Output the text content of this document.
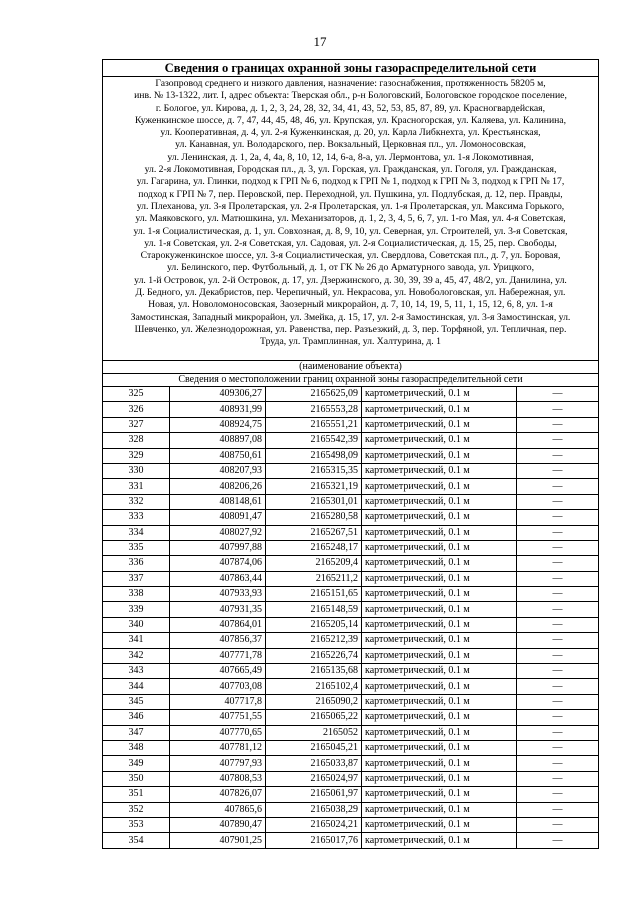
17
Сведения о границах охранной зоны газораспределительной сети
Газопровод среднего и низкого давления, назначение: газоснабжения, протяженность 58205 м,
инв. № 13-1322, лит. I, адрес объекта: Тверская обл., р-н Бологовский, Бологовское городское поселение,
г. Бологое, ул. Кирова, д. 1, 2, 3, 24, 28, 32, 34, 41, 43, 52, 53, 85, 87, 89, ул. Красногвардейская,
Куженкинское шоссе, д. 7, 47, 44, 45, 48, 46, ул. Крупская, ул. Красногорская, ул. Каляева, ул. Калинина,
ул. Кооперативная, д. 4, ул. 2-я Куженкинская, д. 20, ул. Карла Либкнехта, ул. Крестьянская,
ул. Канавная, ул. Володарского, пер. Вокзальный, Церковная пл., ул. Ломоносовская,
ул. Ленинская, д. 1, 2а, 4, 4а, 8, 10, 12, 14, 6-а, 8-а, ул. Лермонтова, ул. 1-я Локомотивная,
ул. 2-я Локомотивная, Городская пл., д. 3, ул. Горская, ул. Гражданская, ул. Гоголя, ул. Гражданская,
ул. Гагарина, ул. Глинки, подход к ГРП № 6, подход к ГРП № 1, подход к ГРП № 3, подход к ГРП № 17,
подход к ГРП № 7, пер. Перовской, пер. Переходной, ул. Пушкина, ул. Подлубская, д. 12, пер. Правды,
ул. Плеханова, ул. 3-я Пролетарская, ул. 2-я Пролетарская, ул. 1-я Пролетарская, ул. Максима Горького,
ул. Маяковского, ул. Матюшкина, ул. Механизаторов, д. 1, 2, 3, 4, 5, 6, 7, ул. 1-го Мая, ул. 4-я Советская,
ул. 1-я Социалистическая, д. 1, ул. Совхозная, д. 8, 9, 10, ул. Северная, ул. Строителей, ул. 3-я Советская,
ул. 1-я Советская, ул. 2-я Советская, ул. Садовая, ул. 2-я Социалистическая, д. 15, 25, пер. Свободы,
Старокуженкинское шоссе, ул. 3-я Социалистическая, ул. Свердлова, Советская пл., д. 7, ул. Боровая,
ул. Белинского, пер. Футбольный, д. 1, от ГК № 26 до Арматурного завода, ул. Урицкого,
ул. 1-й Островок, ул. 2-й Островок, д. 17, ул. Дзержинского, д. 30, 39, 39 а, 45, 47, 48/2, ул. Данилина, ул.
Д. Бедного, ул. Декабристов, пер. Черепичный, ул. Некрасова, ул. Новобологовская, ул. Набережная, ул.
Новая, ул. Новоломоносовская, Заозерный микрорайон, д. 7, 10, 14, 19, 5, 11, 1, 15, 12, 6, 8, ул. 1-я
Замостинская, Западный микрорайон, ул. Змейка, д. 15, 17, ул. 2-я Замостинская, ул. 3-я Замостинская, ул.
Шевченко, ул. Железнодорожная, ул. Равенства, пер. Разъезжий, д. 3, пер. Торфяной, ул. Тепличная, пер.
Труда, ул. Трамплинная, ул. Халтурина, д. 1
(наименование объекта)
Сведения о местоположении границ охранной зоны газораспределительной сети
325	409306,27	2165625,09	картометрический, 0.1 м	—
326	408931,99	2165553,28	картометрический, 0.1 м	—
327	408924,75	2165551,21	картометрический, 0.1 м	—
328	408897,08	2165542,39	картометрический, 0.1 м	—
329	408750,61	2165498,09	картометрический, 0.1 м	—
330	408207,93	2165315,35	картометрический, 0.1 м	—
331	408206,26	2165321,19	картометрический, 0.1 м	—
332	408148,61	2165301,01	картометрический, 0.1 м	—
333	408091,47	2165280,58	картометрический, 0.1 м	—
334	408027,92	2165267,51	картометрический, 0.1 м	—
335	407997,88	2165248,17	картометрический, 0.1 м	—
336	407874,06	2165209,4	картометрический, 0.1 м	—
337	407863,44	2165211,2	картометрический, 0.1 м	—
338	407933,93	2165151,65	картометрический, 0.1 м	—
339	407931,35	2165148,59	картометрический, 0.1 м	—
340	407864,01	2165205,14	картометрический, 0.1 м	—
341	407856,37	2165212,39	картометрический, 0.1 м	—
342	407771,78	2165226,74	картометрический, 0.1 м	—
343	407665,49	2165135,68	картометрический, 0.1 м	—
344	407703,08	2165102,4	картометрический, 0.1 м	—
345	407717,8	2165090,2	картометрический, 0.1 м	—
346	407751,55	2165065,22	картометрический, 0.1 м	—
347	407770,65	2165052	картометрический, 0.1 м	—
348	407781,12	2165045,21	картометрический, 0.1 м	—
349	407797,93	2165033,87	картометрический, 0.1 м	—
350	407808,53	2165024,97	картометрический, 0.1 м	—
351	407826,07	2165061,97	картометрический, 0.1 м	—
352	407865,6	2165038,29	картометрический, 0.1 м	—
353	407890,47	2165024,21	картометрический, 0.1 м	—
354	407901,25	2165017,76	картометрический, 0.1 м	—
